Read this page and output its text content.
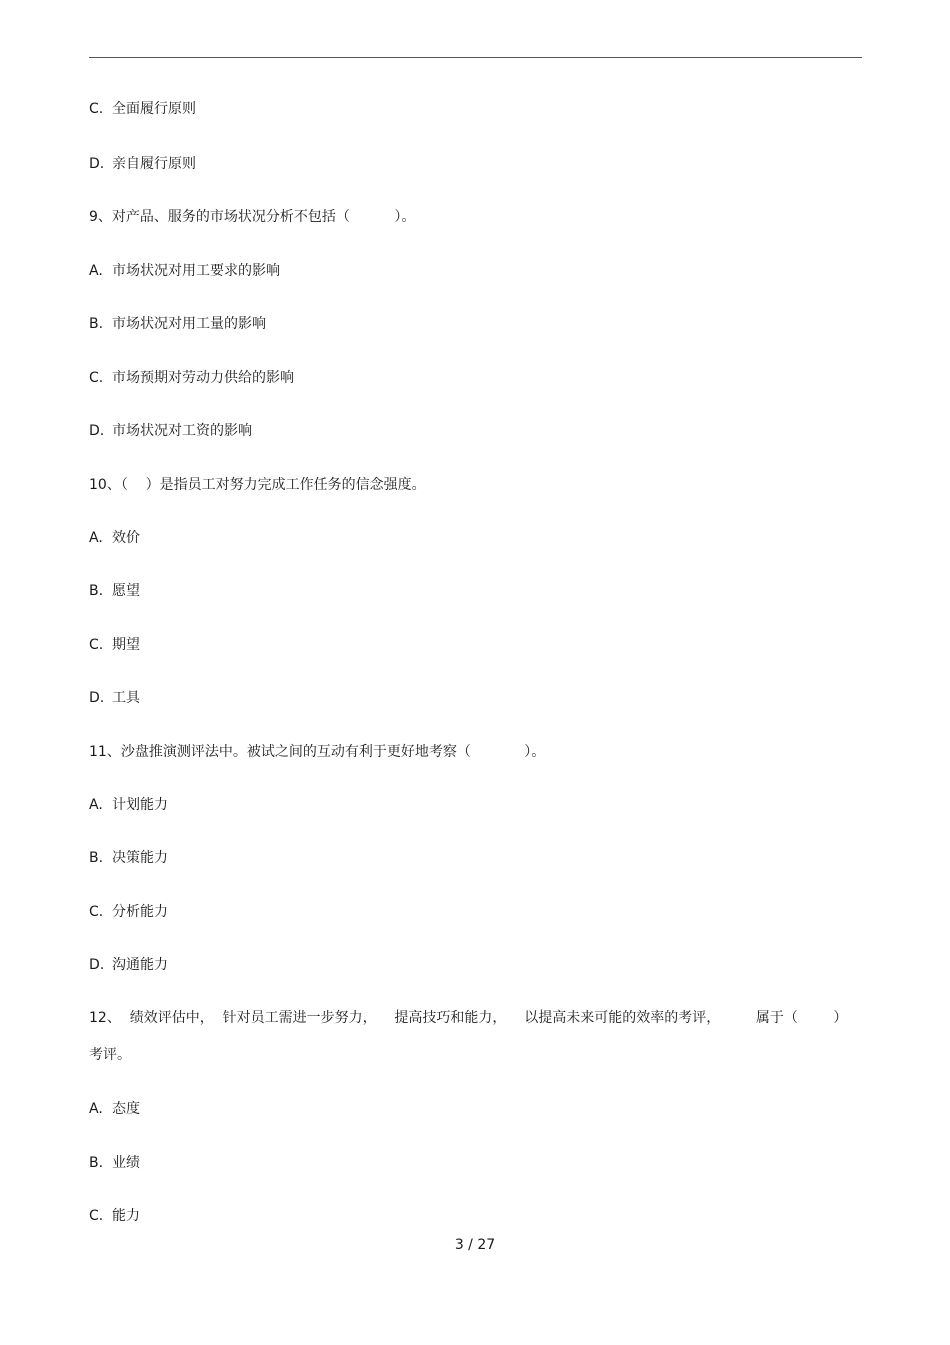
C. 全面履行原则
D. 亲自履行原则
9、对产品、服务的市场状况分析不包括（          ）。
A. 市场状况对用工要求的影响
B. 市场状况对用工量的影响
C. 市场预期对劳动力供给的影响
D. 市场状况对工资的影响
10、（    ）是指员工对努力完成工作任务的信念强度。
A. 效价
B. 愿望
C. 期望
D. 工具
11、沙盘推演测评法中。被试之间的互动有利于更好地考察（            ）。
A. 计划能力
B. 决策能力
C. 分析能力
D. 沟通能力
12、  绩效评估中，  针对员工需进一步努力，    提高技巧和能力，    以提高未来可能的效率的考评，        属于（        ）
考评。
A. 态度
B. 业绩
C. 能力
3 / 27
